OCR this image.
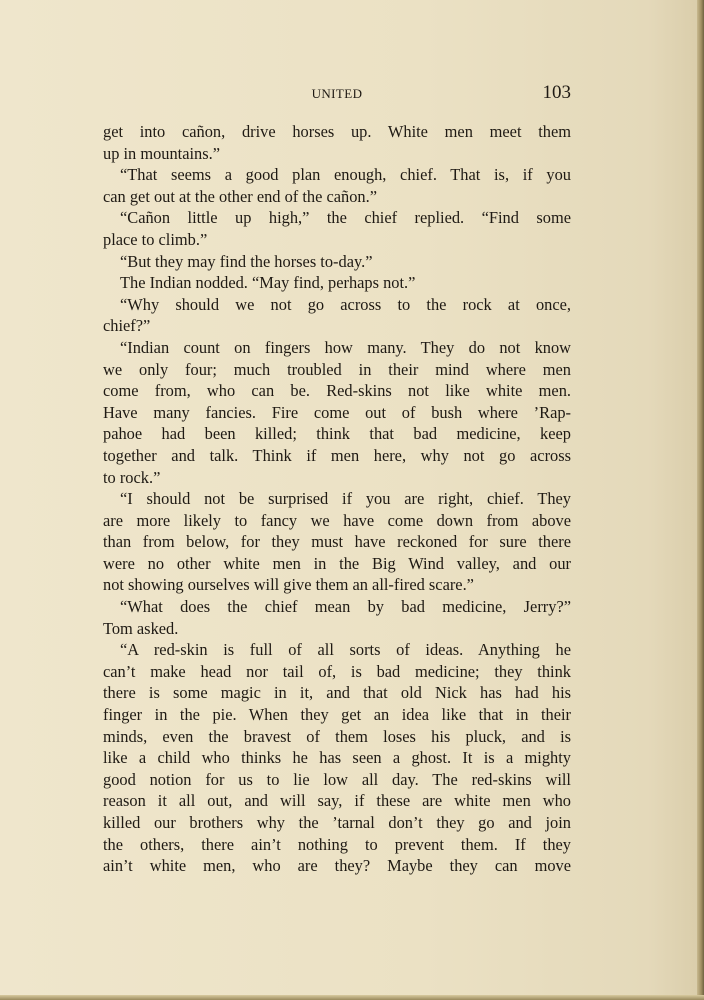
UNITED	103
get into cañon, drive horses up. White men meet them
up in mountains.”
“That seems a good plan enough, chief. That is, if you
can get out at the other end of the cañon.”
“Cañon little up high,” the chief replied. “Find some
place to climb.”
“But they may find the horses to-day.”
The Indian nodded. “May find, perhaps not.”
“Why should we not go across to the rock at once,
chief?”
“Indian count on fingers how many. They do not know
we only four; much troubled in their mind where men
come from, who can be. Red-skins not like white men.
Have many fancies. Fire come out of bush where ’Rap-
pahoe had been killed; think that bad medicine, keep
together and talk. Think if men here, why not go across
to rock.”
“I should not be surprised if you are right, chief. They
are more likely to fancy we have come down from above
than from below, for they must have reckoned for sure there
were no other white men in the Big Wind valley, and our
not showing ourselves will give them an all-fired scare.”
“What does the chief mean by bad medicine, Jerry?”
Tom asked.
“A red-skin is full of all sorts of ideas. Anything he
can’t make head nor tail of, is bad medicine; they think
there is some magic in it, and that old Nick has had his
finger in the pie. When they get an idea like that in their
minds, even the bravest of them loses his pluck, and is
like a child who thinks he has seen a ghost. It is a mighty
good notion for us to lie low all day. The red-skins will
reason it all out, and will say, if these are white men who
killed our brothers why the ’tarnal don’t they go and join
the others, there ain’t nothing to prevent them. If they
ain’t white men, who are they? Maybe they can move
